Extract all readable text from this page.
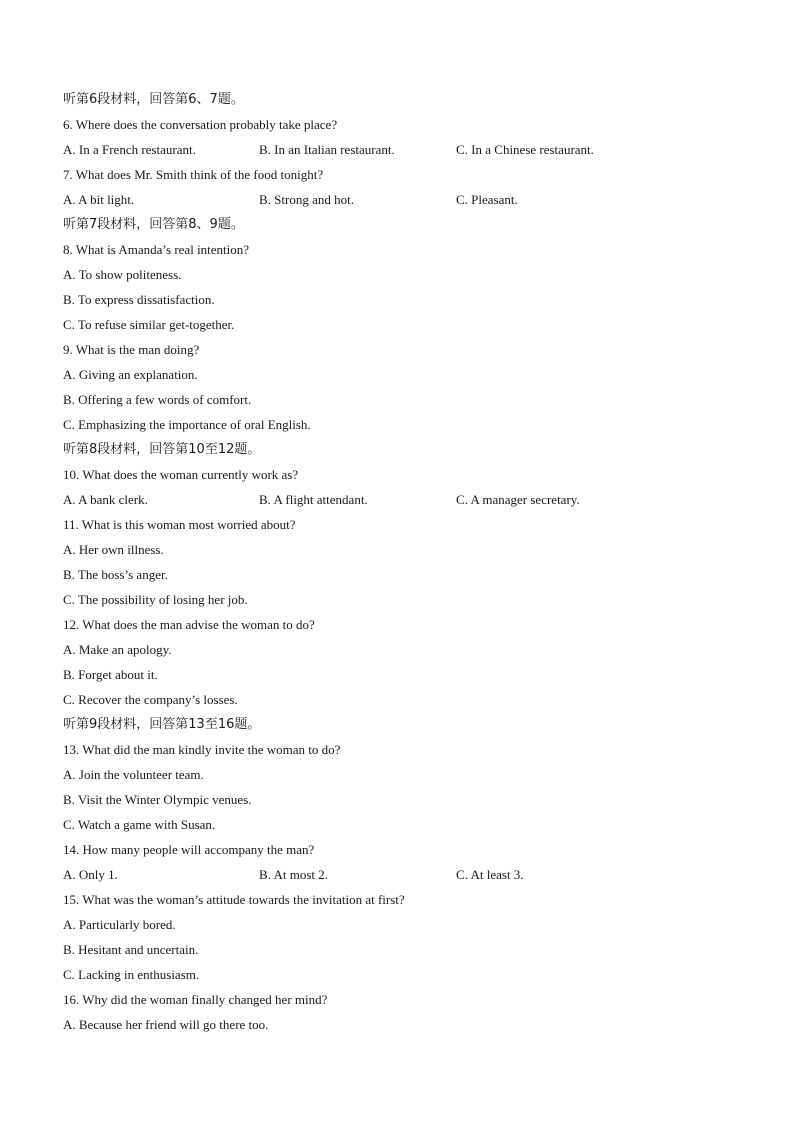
听第6段材料，回答第6、7题。
6. Where does the conversation probably take place?
A. In a French restaurant.	B. In an Italian restaurant.	C. In a Chinese restaurant.
7. What does Mr. Smith think of the food tonight?
A. A bit light.	B. Strong and hot.	C. Pleasant.
听第7段材料，回答第8、9题。
8. What is Amanda’s real intention?
A. To show politeness.
B. To express dissatisfaction.
C. To refuse similar get-together.
9. What is the man doing?
A. Giving an explanation.
B. Offering a few words of comfort.
C. Emphasizing the importance of oral English.
听第8段材料，回答第10至12题。
10. What does the woman currently work as?
A. A bank clerk.	B. A flight attendant.	C. A manager secretary.
11. What is this woman most worried about?
A. Her own illness.
B. The boss’s anger.
C. The possibility of losing her job.
12. What does the man advise the woman to do?
A. Make an apology.
B. Forget about it.
C. Recover the company’s losses.
听第9段材料，回答第13至16题。
13. What did the man kindly invite the woman to do?
A. Join the volunteer team.
B. Visit the Winter Olympic venues.
C. Watch a game with Susan.
14. How many people will accompany the man?
A. Only 1.	B. At most 2.	C. At least 3.
15. What was the woman’s attitude towards the invitation at first?
A. Particularly bored.
B. Hesitant and uncertain.
C. Lacking in enthusiasm.
16. Why did the woman finally changed her mind?
A. Because her friend will go there too.
